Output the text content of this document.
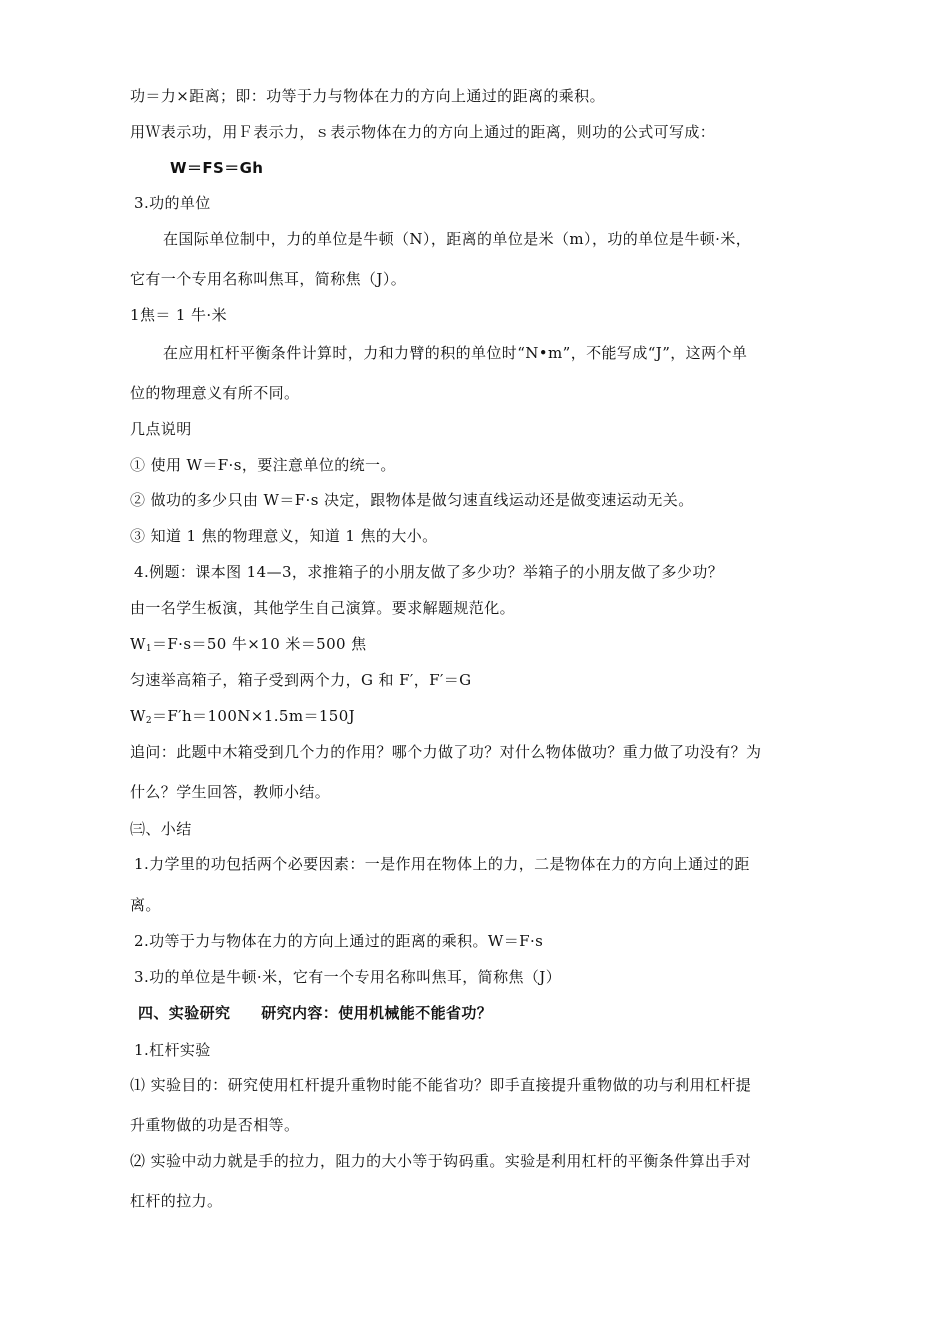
功＝力×距离；即：功等于力与物体在力的方向上通过的距离的乘积。
用Ｗ表示功，用Ｆ表示力，ｓ表示物体在力的方向上通过的距离，则功的公式可写成：
W＝FS＝Gh
3.功的单位
在国际单位制中，力的单位是牛顿（N），距离的单位是米（m），功的单位是牛顿·米，
它有一个专用名称叫焦耳，简称焦（J）。
1焦＝ 1 牛·米
在应用杠杆平衡条件计算时，力和力臂的积的单位时“N•m”，不能写成“J”，这两个单
位的物理意义有所不同。
几点说明
① 使用 W＝F·s，要注意单位的统一。
② 做功的多少只由 W＝F·s 决定，跟物体是做匀速直线运动还是做变速运动无关。
③ 知道 1 焦的物理意义，知道 1 焦的大小。
4.例题：课本图 14—3，求推箱子的小朋友做了多少功？举箱子的小朋友做了多少功？
由一名学生板演，其他学生自己演算。要求解题规范化。
$W_1=F\cdot s=50$ 牛×10 米＝500 焦
匀速举高箱子，箱子受到两个力，G 和 F′，F′＝G
$W_2=F'h=100N\times 1.5m=150J$
追问：此题中木箱受到几个力的作用？哪个力做了功？对什么物体做功？重力做了功没有？为
什么？学生回答，教师小结。
㈢、小结
1.力学里的功包括两个必要因素：一是作用在物体上的力，二是物体在力的方向上通过的距
离。
2.功等于力与物体在力的方向上通过的距离的乘积。W＝F·s
3.功的单位是牛顿·米，它有一个专用名称叫焦耳，简称焦（J）
四、实验研究　　研究内容：使用机械能不能省功？
1.杠杆实验
⑴ 实验目的：研究使用杠杆提升重物时能不能省功？即手直接提升重物做的功与利用杠杆提
升重物做的功是否相等。
⑵ 实验中动力就是手的拉力，阻力的大小等于钩码重。实验是利用杠杆的平衡条件算出手对
杠杆的拉力。
